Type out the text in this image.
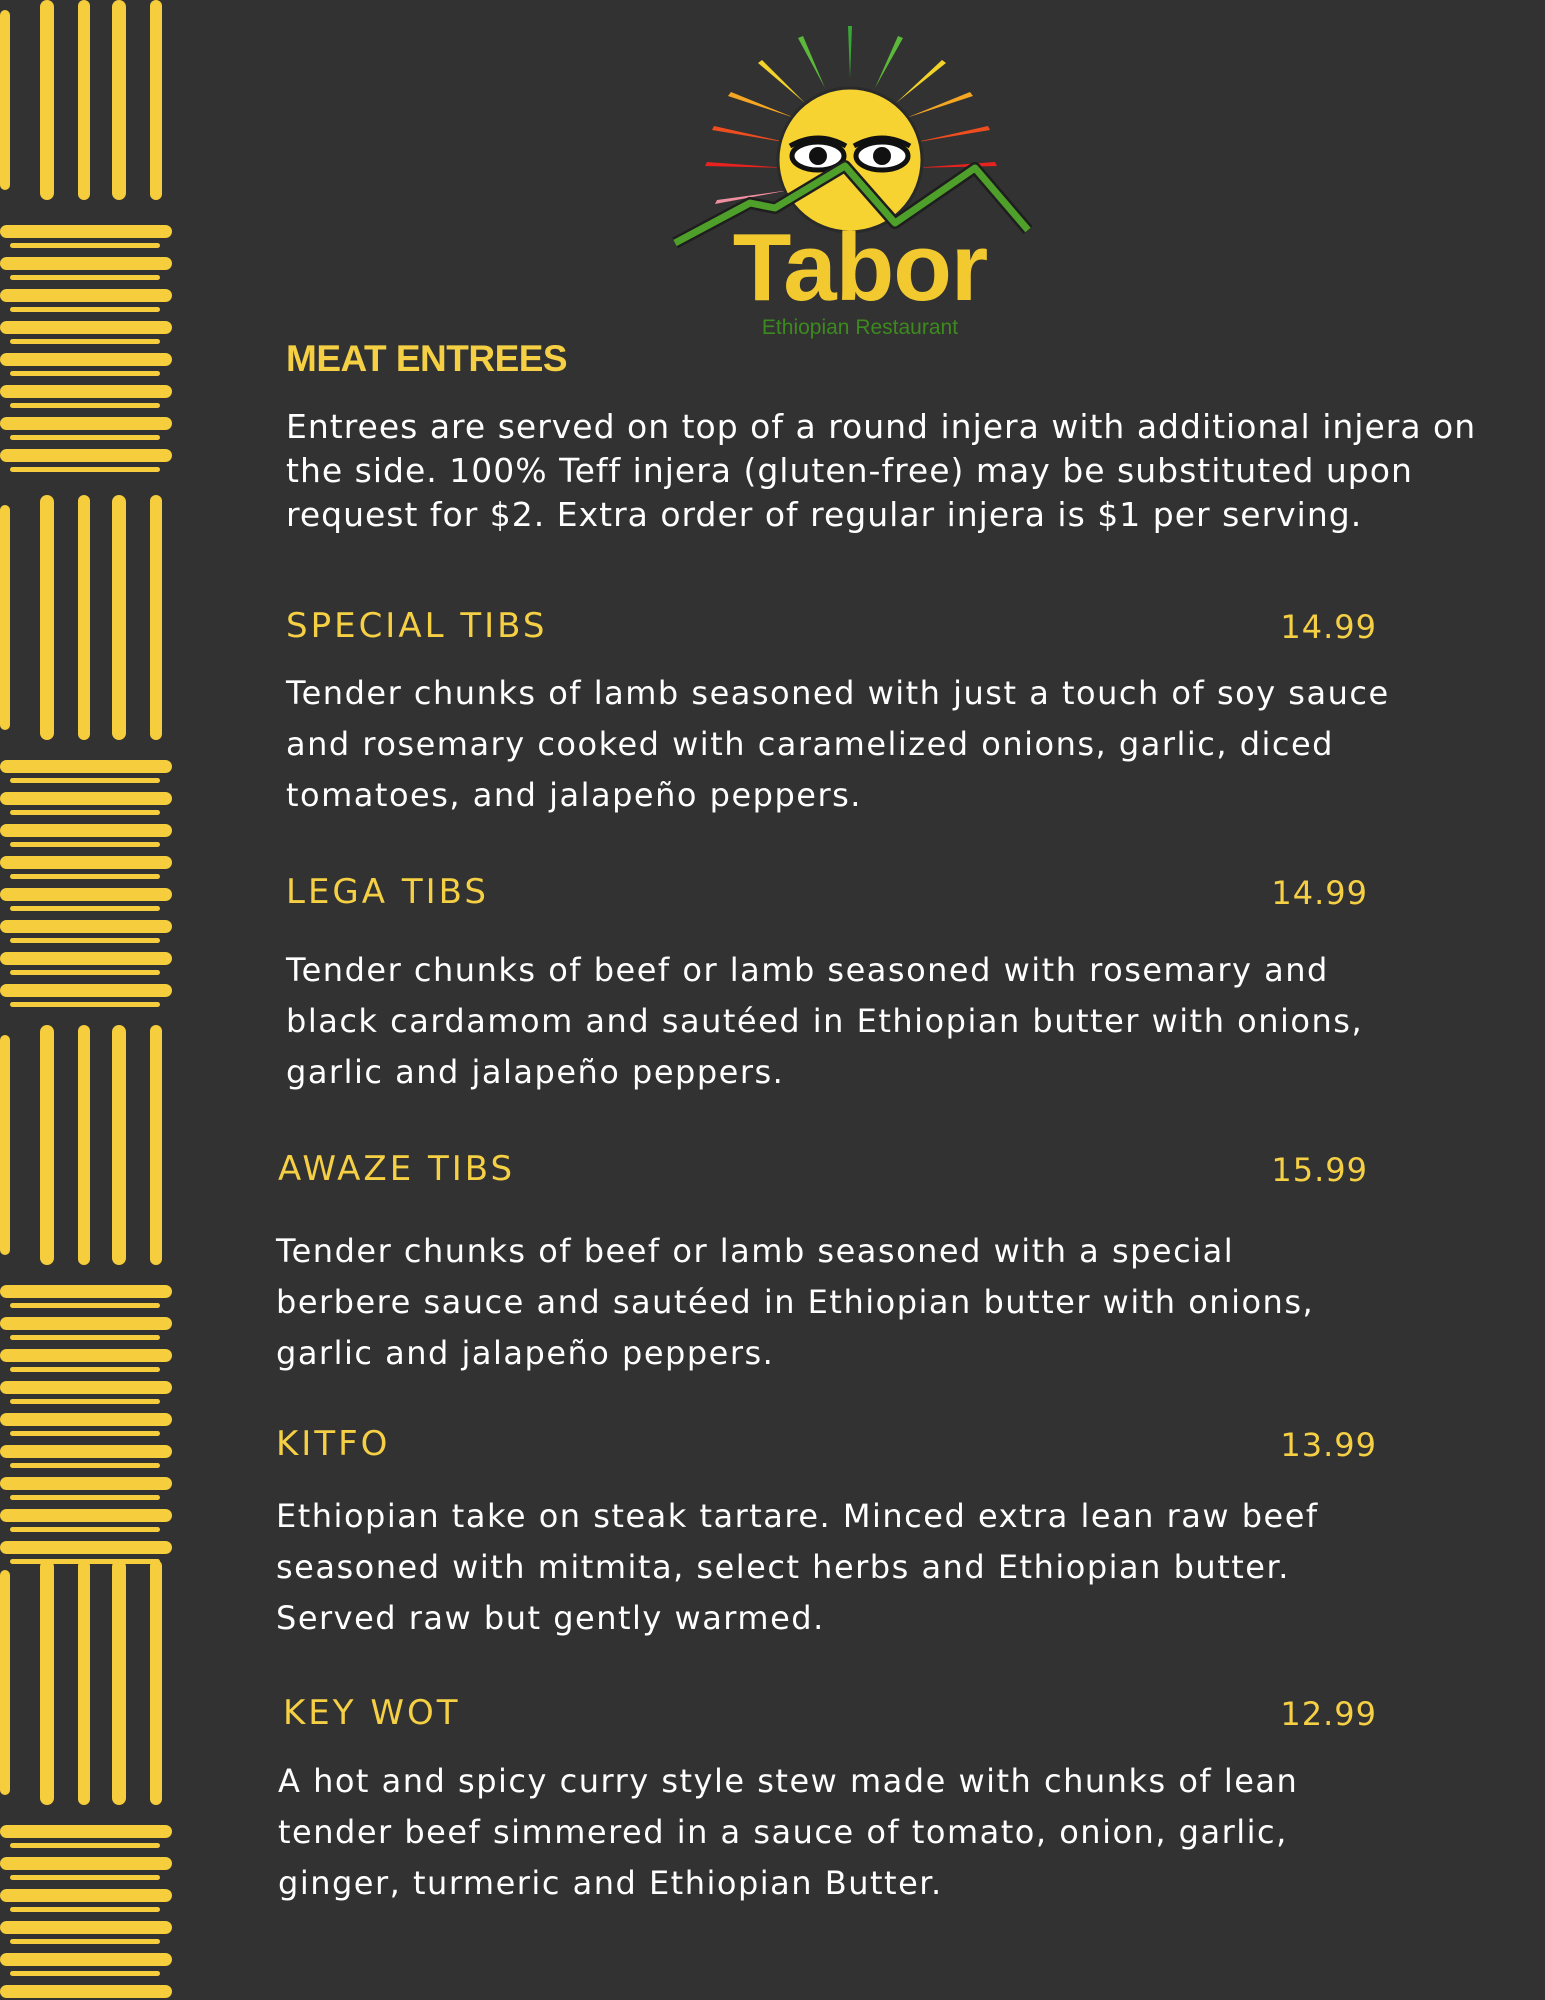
Tabor
Ethiopian Restaurant
MEAT ENTREES
Entrees are served on top of a round injera with additional injera on the side. 100% Teff injera (gluten-free) may be substituted upon request for $2. Extra order of regular injera is $1 per serving.
SPECIAL TIBS	14.99
Tender chunks of lamb seasoned with just a touch of soy sauce
and rosemary cooked with caramelized onions, garlic, diced
tomatoes, and jalapeño peppers.
LEGA TIBS	14.99
Tender chunks of beef or lamb seasoned with rosemary and
black cardamom and sautéed in Ethiopian butter with onions,
garlic and jalapeño peppers.
AWAZE TIBS	15.99
Tender chunks of beef or lamb seasoned with a special
berbere sauce and sautéed in Ethiopian butter with onions,
garlic and jalapeño peppers.
KITFO	13.99
Ethiopian take on steak tartare. Minced extra lean raw beef
seasoned with mitmita, select herbs and Ethiopian butter.
Served raw but gently warmed.
KEY WOT	12.99
A hot and spicy curry style stew made with chunks of lean
tender beef simmered in a sauce of tomato, onion, garlic,
ginger, turmeric and Ethiopian Butter.
